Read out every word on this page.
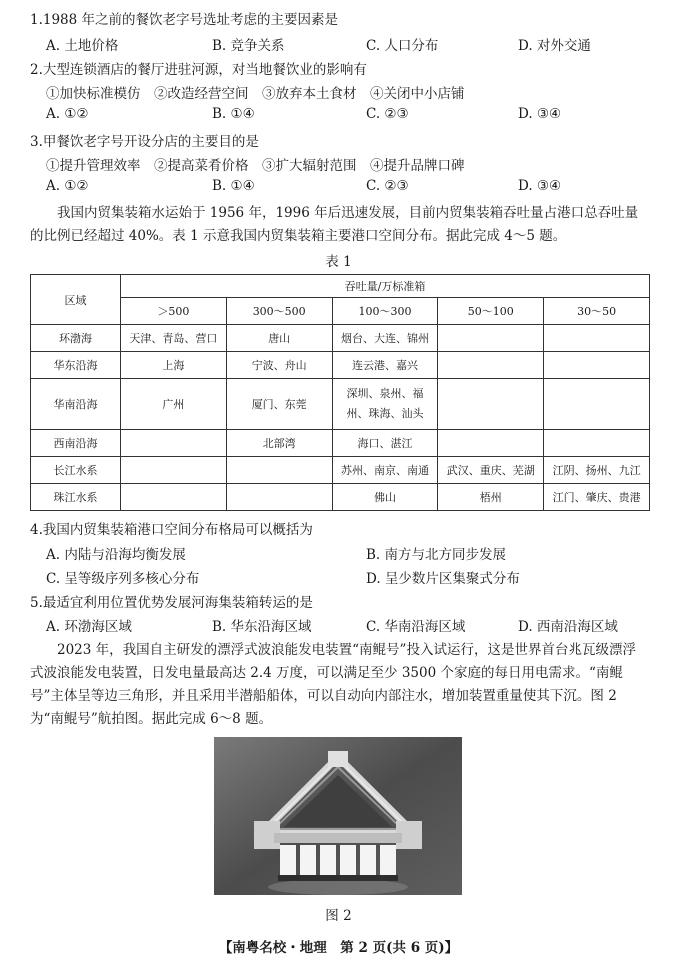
1.1988 年之前的餐饮老字号选址考虑的主要因素是
A. 土地价格	B. 竞争关系	C. 人口分布	D. 对外交通
2.大型连锁酒店的餐厅进驻河源，对当地餐饮业的影响有
①加快标准模仿　②改造经营空间　③放弃本土食材　④关闭中小店铺
A. ①②	B. ①④	C. ②③	D. ③④
3.甲餐饮老字号开设分店的主要目的是
①提升管理效率　②提高菜肴价格　③扩大辐射范围　④提升品牌口碑
A. ①②	B. ①④	C. ②③	D. ③④
我国内贸集装箱水运始于 1956 年，1996 年后迅速发展，目前内贸集装箱吞吐量占港口总吞吐量的比例已经超过 40%。表 1 示意我国内贸集装箱主要港口空间分布。据此完成 4～5 题。
表 1
区域	吞吐量/万标准箱				
	＞500	300～500	100～300	50～100	30～50
环渤海	天津、青岛、营口	唐山	烟台、大连、锦州		
华东沿海	上海	宁波、舟山	连云港、嘉兴		
华南沿海	广州	厦门、东莞	深圳、泉州、福州、珠海、汕头		
西南沿海		北部湾	海口、湛江		
长江水系			苏州、南京、南通	武汉、重庆、芜湖	江阴、扬州、九江
珠江水系			佛山	梧州	江门、肇庆、贵港
4.我国内贸集装箱港口空间分布格局可以概括为
A. 内陆与沿海均衡发展	B. 南方与北方同步发展
C. 呈等级序列多核心分布	D. 呈少数片区集聚式分布
5.最适宜利用位置优势发展河海集装箱转运的是
A. 环渤海区域	B. 华东沿海区域	C. 华南沿海区域	D. 西南沿海区域
2023 年，我国自主研发的漂浮式波浪能发电装置“南鲲号”投入试运行，这是世界首台兆瓦级漂浮式波浪能发电装置，日发电量最高达 2.4 万度，可以满足至少 3500 个家庭的每日用电需求。“南鲲号”主体呈等边三角形，并且采用半潜船船体，可以自动向内部注水，增加装置重量使其下沉。图 2 为“南鲲号”航拍图。据此完成 6～8 题。
图 2
【南粤名校・地理　第 2 页(共 6 页)】
